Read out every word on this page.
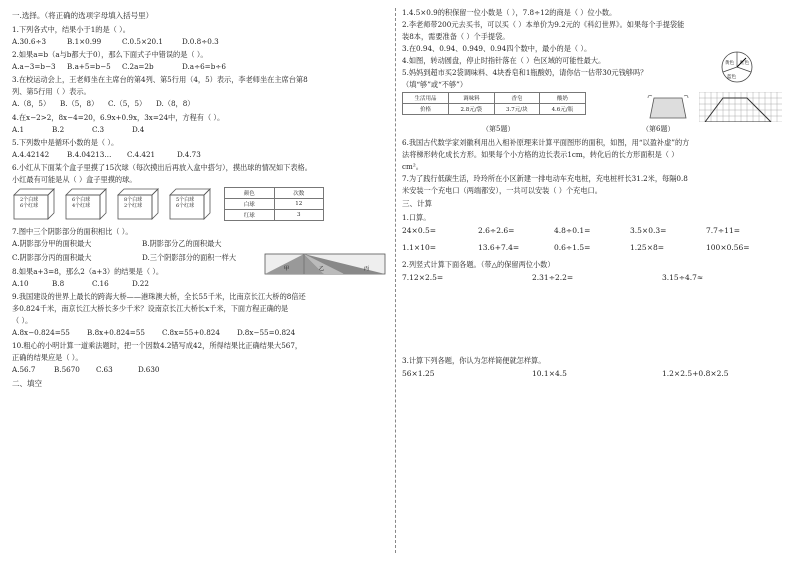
一.选择。（将正确的选项字母填入括号里）
1.下列各式中，结果小于1的是（ ）。
A.30.6÷3	B.1×0.99	C.0.5×20.1	D.0.8÷0.3
2.如果a=b（a与b都大于0），那么下面式子中错误的是（ ）。
A.a−3=b−3	B.a+5=b−5	C.2a=2b	D.a÷6=b÷6
3.在校运动会上，王老师坐在主席台的第4列、第5行用（4，5）表示，李老师坐在主席台第8
列、第5行用（ ）表示。
A.（8，5）	B.（5，8）	C.（5，5）	D.（8，8）
4.在x−2>2，8x−4=20，6.9x+0.9x，3x=24中，方程有（ ）。
A.1	B.2	C.3	D.4
5.下列数中是循环小数的是（ ）。
A.4.42142	B.4.04213…	C.4.421	D.4.73
6.小红从下面某个盒子里摸了15次球（每次摸出后再放入盒中搭匀），摸出球的情况如下表格。
小红最有可能是从（ ）盒子里摸的球。
2个白球
6个红球
6个白球
4个红球
8个白球
2个红球
5个白球
6个红球
颜色	次数
白球	12
红球	3
7.图中三个阴影部分的面积相比（ ）。
A.阴影部分甲的面积最大	B.阴影部分乙的面积最大
C.阴影部分丙的面积最大	D.三个阴影部分的面积一样大
8.如果a+3=8，那么2（a+3）的结果是（ ）。	甲	乙	丙
A.10	B.8	C.16	D.22
9.我国建设的世界上最长的跨海大桥——港珠澳大桥，全长55千米，比南京长江大桥的8倍还
多0.824千米，南京长江大桥长多少千米？设南京长江大桥长x千米，下面方程正确的是
（ ）。
A.8x−0.824=55	B.8x+0.824=55	C.8x=55+0.824	D.8x−55=0.824
10.粗心的小明计算一道乘法题时，把一个因数4.2错写成42，所得结果比正确结果大567，
正确的结果应是（ ）。
A.56.7	B.5670	C.63	D.630
二、填空
1.4.5×0.9的积保留一位小数是（ ），7.8÷12的商是（ ）位小数。
2.李老师带200元去买书，可以买（ ）本单价为9.2元的《科幻世界》。如果每个手提袋能
装8本，需要准备（ ）个手提袋。
3.在0.94、0.94、0.949、0.94四个数中，最小的是（ ）。
4.如图，转动圆盘，停止时指针落在（ ）色区域的可能性最大。
5.妈妈到超市买2袋调味料、4块香皂和1瓶酸奶，请你估一估带30元钱够吗？
（填“够”或“不够”）
黄色
蓝色
红色
生活用品	调味料	香皂	酸奶
价格	2.8元/袋	3.7元/块	4.6元/瓶
（第5题）	（第6题）
6.我国古代数学家刘徽利用出入相补原理来计算平面图形的面积，如图，用“以盈补虚”的方
法将梯形转化成长方形。如果每个小方格的边长表示1cm，转化后的长方形面积是（ ）
cm²。
7.为了践行低碳生活，玲玲所在小区新建一排电动车充电桩，充电桩杆长31.2米，每隔0.8
米安装一个充电口（两端都安），一共可以安装（ ）个充电口。
三、计算
1.口算。
24×0.5=	2.6÷2.6=	4.8÷0.1=	3.5×0.3=	7.7÷11=
1.1×10=	13.6+7.4=	0.6÷1.5=	1.25×8=	100×0.56=
2.列竖式计算下面各题。（带△的保留两位小数）
7.12×2.5=	2.31÷2.2=	3.15÷4.7≈
3.计算下列各题，你认为怎样简便就怎样算。
56×1.25	10.1×4.5	1.2×2.5+0.8×2.5
